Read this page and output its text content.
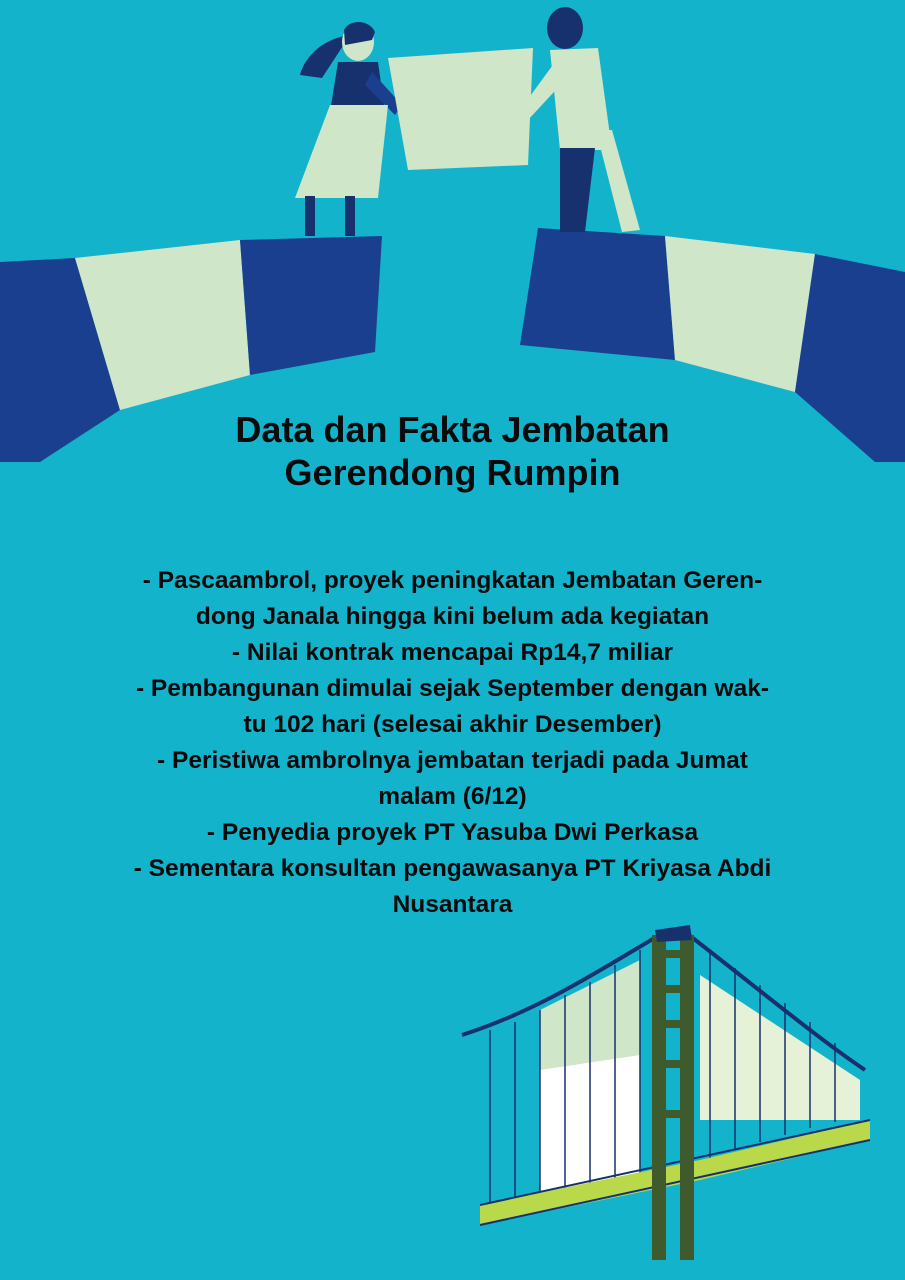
Data dan Fakta Jembatan
Gerendong Rumpin
- Pascaambrol, proyek peningkatan Jembatan Geren-
dong Janala hingga kini belum ada kegiatan
- Nilai kontrak mencapai Rp14,7 miliar
- Pembangunan dimulai sejak September dengan wak-
tu 102 hari (selesai akhir Desember)
- Peristiwa ambrolnya jembatan terjadi pada Jumat
malam (6/12)
- Penyedia proyek PT Yasuba Dwi Perkasa
- Sementara konsultan pengawasanya PT Kriyasa Abdi
Nusantara
